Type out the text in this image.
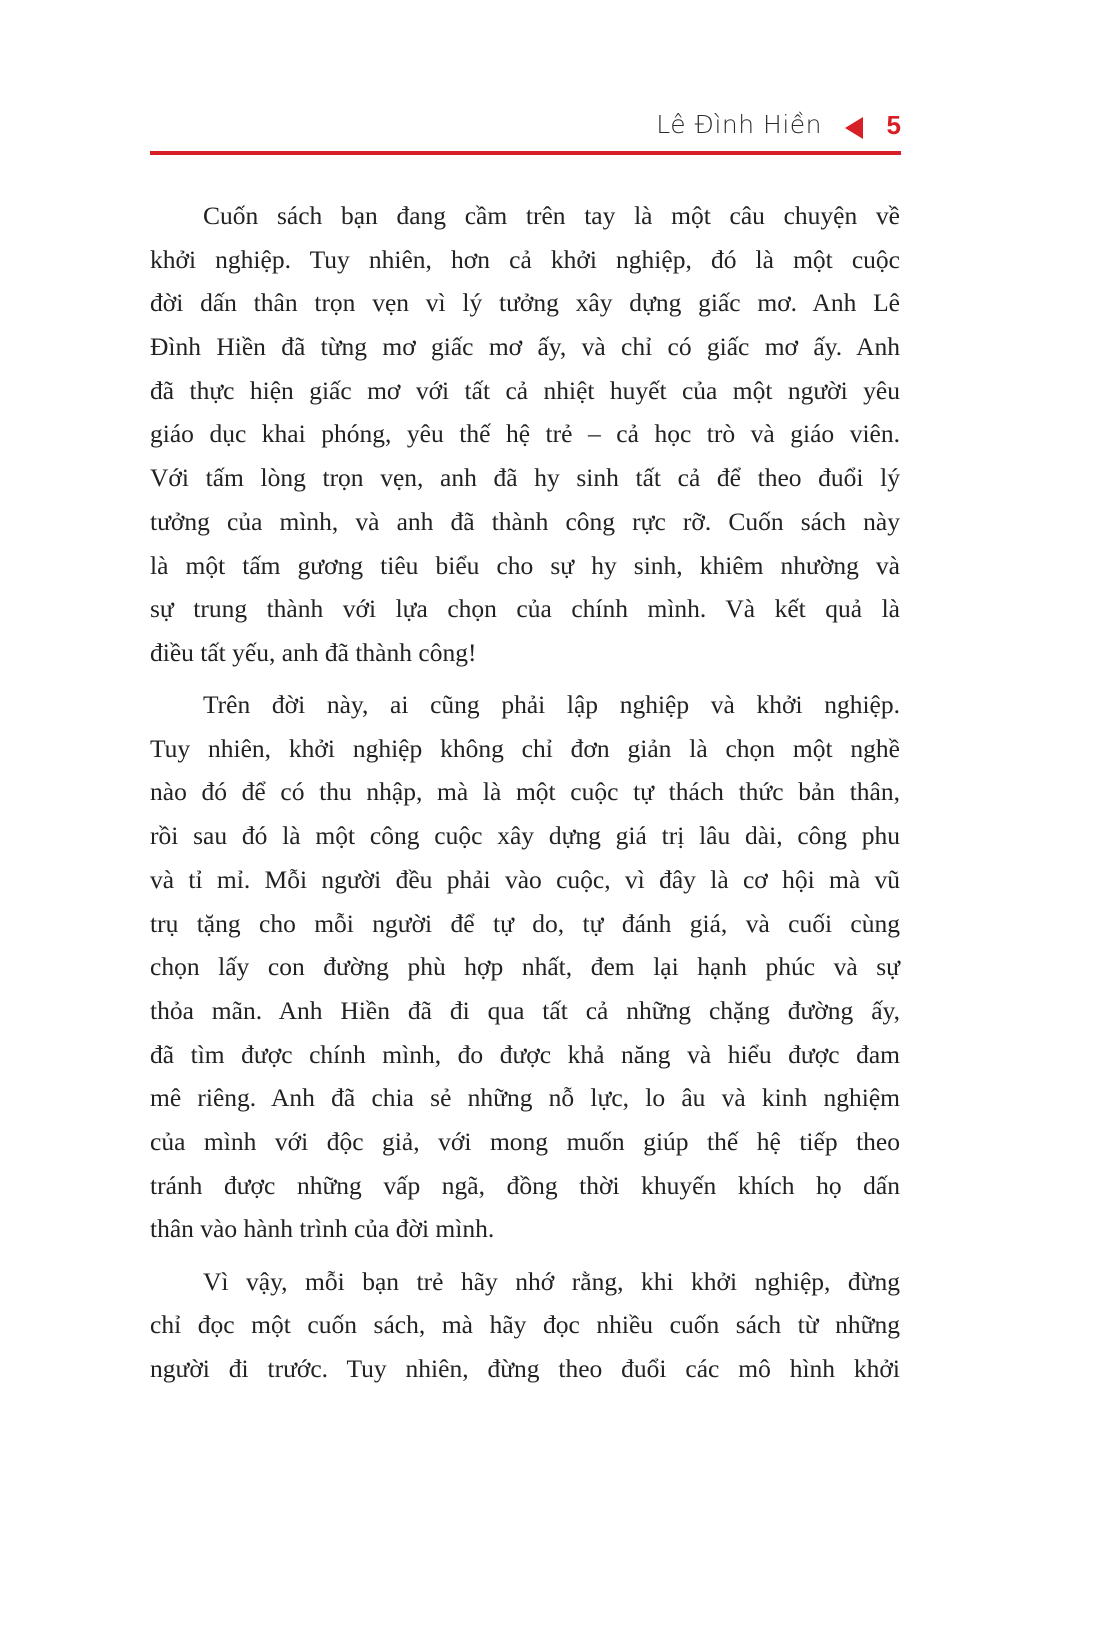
Lê Đình Hiền 5
Cuốn sách bạn đang cầm trên tay là một câu chuyện về
khởi nghiệp. Tuy nhiên, hơn cả khởi nghiệp, đó là một cuộc
đời dấn thân trọn vẹn vì lý tưởng xây dựng giấc mơ. Anh Lê
Đình Hiền đã từng mơ giấc mơ ấy, và chỉ có giấc mơ ấy. Anh
đã thực hiện giấc mơ với tất cả nhiệt huyết của một người yêu
giáo dục khai phóng, yêu thế hệ trẻ – cả học trò và giáo viên.
Với tấm lòng trọn vẹn, anh đã hy sinh tất cả để theo đuổi lý
tưởng của mình, và anh đã thành công rực rỡ. Cuốn sách này
là một tấm gương tiêu biểu cho sự hy sinh, khiêm nhường và
sự trung thành với lựa chọn của chính mình. Và kết quả là
điều tất yếu, anh đã thành công!
Trên đời này, ai cũng phải lập nghiệp và khởi nghiệp.
Tuy nhiên, khởi nghiệp không chỉ đơn giản là chọn một nghề
nào đó để có thu nhập, mà là một cuộc tự thách thức bản thân,
rồi sau đó là một công cuộc xây dựng giá trị lâu dài, công phu
và tỉ mỉ. Mỗi người đều phải vào cuộc, vì đây là cơ hội mà vũ
trụ tặng cho mỗi người để tự do, tự đánh giá, và cuối cùng
chọn lấy con đường phù hợp nhất, đem lại hạnh phúc và sự
thỏa mãn. Anh Hiền đã đi qua tất cả những chặng đường ấy,
đã tìm được chính mình, đo được khả năng và hiểu được đam
mê riêng. Anh đã chia sẻ những nỗ lực, lo âu và kinh nghiệm
của mình với độc giả, với mong muốn giúp thế hệ tiếp theo
tránh được những vấp ngã, đồng thời khuyến khích họ dấn
thân vào hành trình của đời mình.
Vì vậy, mỗi bạn trẻ hãy nhớ rằng, khi khởi nghiệp, đừng
chỉ đọc một cuốn sách, mà hãy đọc nhiều cuốn sách từ những
người đi trước. Tuy nhiên, đừng theo đuổi các mô hình khởi
